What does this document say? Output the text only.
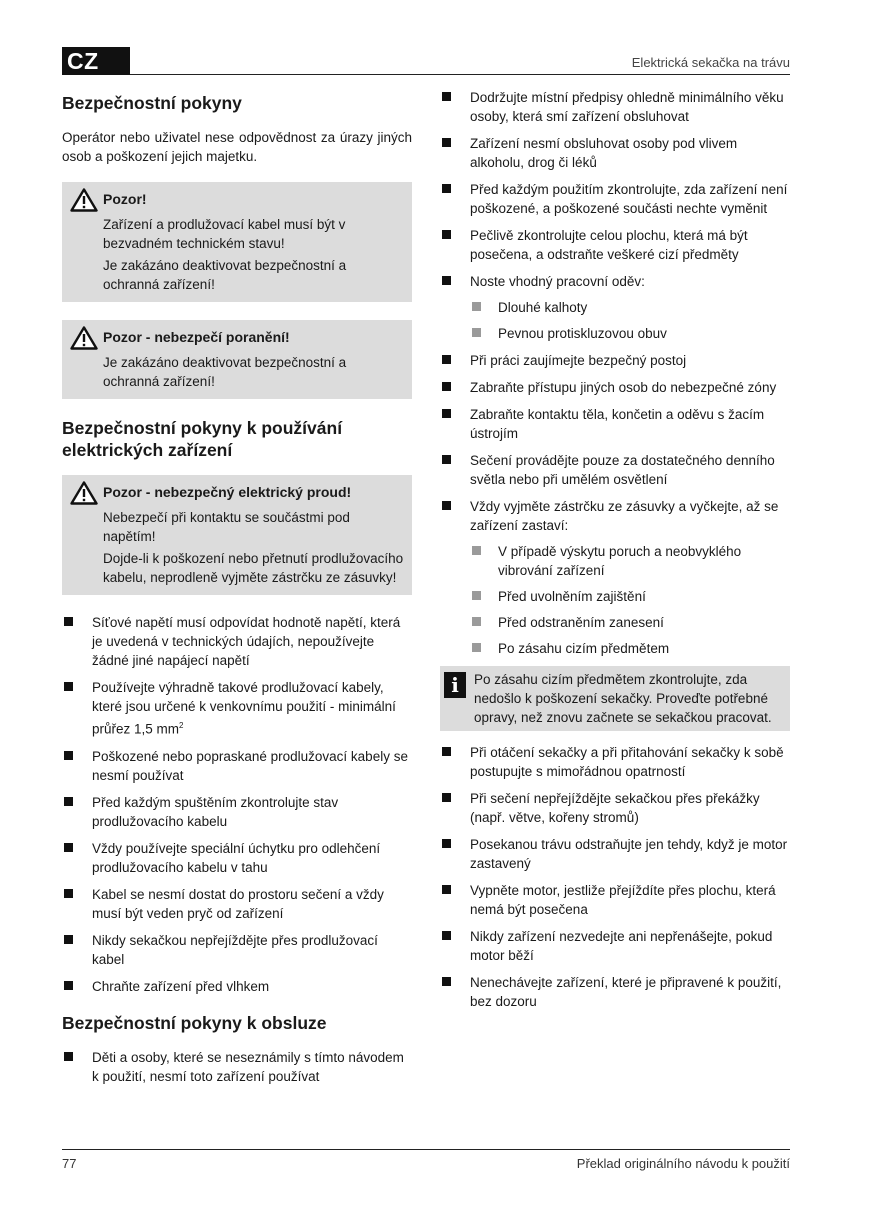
CZ	Elektrická sekačka na trávu
Bezpečnostní pokyny

Operátor nebo uživatel nese odpovědnost za úrazy jiných osob a poškození jejich majetku.

Pozor!
Zařízení a prodlužovací kabel musí být v bezvadném technickém stavu!
Je zakázáno deaktivovat bezpečnostní a ochranná zařízení!
Pozor - nebezpečí poranění!
Je zakázáno deaktivovat bezpečnostní a ochranná zařízení!
Bezpečnostní pokyny k používání elektrických zařízení
Pozor - nebezpečný elektrický proud!
Nebezpečí při kontaktu se součástmi pod napětím!
Dojde-li k poškození nebo přetnutí prodlužovacího kabelu, neprodleně vyjměte zástrčku ze zásuvky!
Síťové napětí musí odpovídat hodnotě napětí, která je uvedená v technických údajích, nepoužívejte žádné jiné napájecí napětí
Používejte výhradně takové prodlužovací kabely, které jsou určené k venkovnímu použití - minimální průřez 1,5 $mm^2$
Poškozené nebo popraskané prodlužovací kabely se nesmí používat
Před každým spuštěním zkontrolujte stav prodlužovacího kabelu
Vždy používejte speciální úchytku pro odlehčení prodlužovacího kabelu v tahu
Kabel se nesmí dostat do prostoru sečení a vždy musí být veden pryč od zařízení
Nikdy sekačkou nepřejíždějte přes prodlužovací kabel
Chraňte zařízení před vlhkem
Bezpečnostní pokyny k obsluze
Děti a osoby, které se neseznámily s tímto návodem k použití, nesmí toto zařízení používat
Dodržujte místní předpisy ohledně minimálního věku osoby, která smí zařízení obsluhovat
Zařízení nesmí obsluhovat osoby pod vlivem alkoholu, drog či léků
Před každým použitím zkontrolujte, zda zařízení není poškozené, a poškozené součásti nechte vyměnit
Pečlivě zkontrolujte celou plochu, která má být posečena, a odstraňte veškeré cizí předměty
Noste vhodný pracovní oděv:
Dlouhé kalhoty
Pevnou protiskluzovou obuv
Při práci zaujímejte bezpečný postoj
Zabraňte přístupu jiných osob do nebezpečné zóny
Zabraňte kontaktu těla, končetin a oděvu s žacím ústrojím
Sečení provádějte pouze za dostatečného denního světla nebo při umělém osvětlení
Vždy vyjměte zástrčku ze zásuvky a vyčkejte, až se zařízení zastaví:
V případě výskytu poruch a neobvyklého vibrování zařízení
Před uvolněním zajištění
Před odstraněním zanesení
Po zásahu cizím předmětem
i	Po zásahu cizím předmětem zkontrolujte, zda nedošlo k poškození sekačky. Proveďte potřebné opravy, než znovu začnete se sekačkou pracovat.
Při otáčení sekačky a při přitahování sekačky k sobě postupujte s mimořádnou opatrností
Při sečení nepřejíždějte sekačkou přes překážky (např. větve, kořeny stromů)
Posekanou trávu odstraňujte jen tehdy, když je motor zastavený
Vypněte motor, jestliže přejíždíte přes plochu, která nemá být posečena
Nikdy zařízení nezvedejte ani nepřenášejte, pokud motor běží
Nenechávejte zařízení, které je připravené k použití, bez dozoru
77	Překlad originálního návodu k použití
